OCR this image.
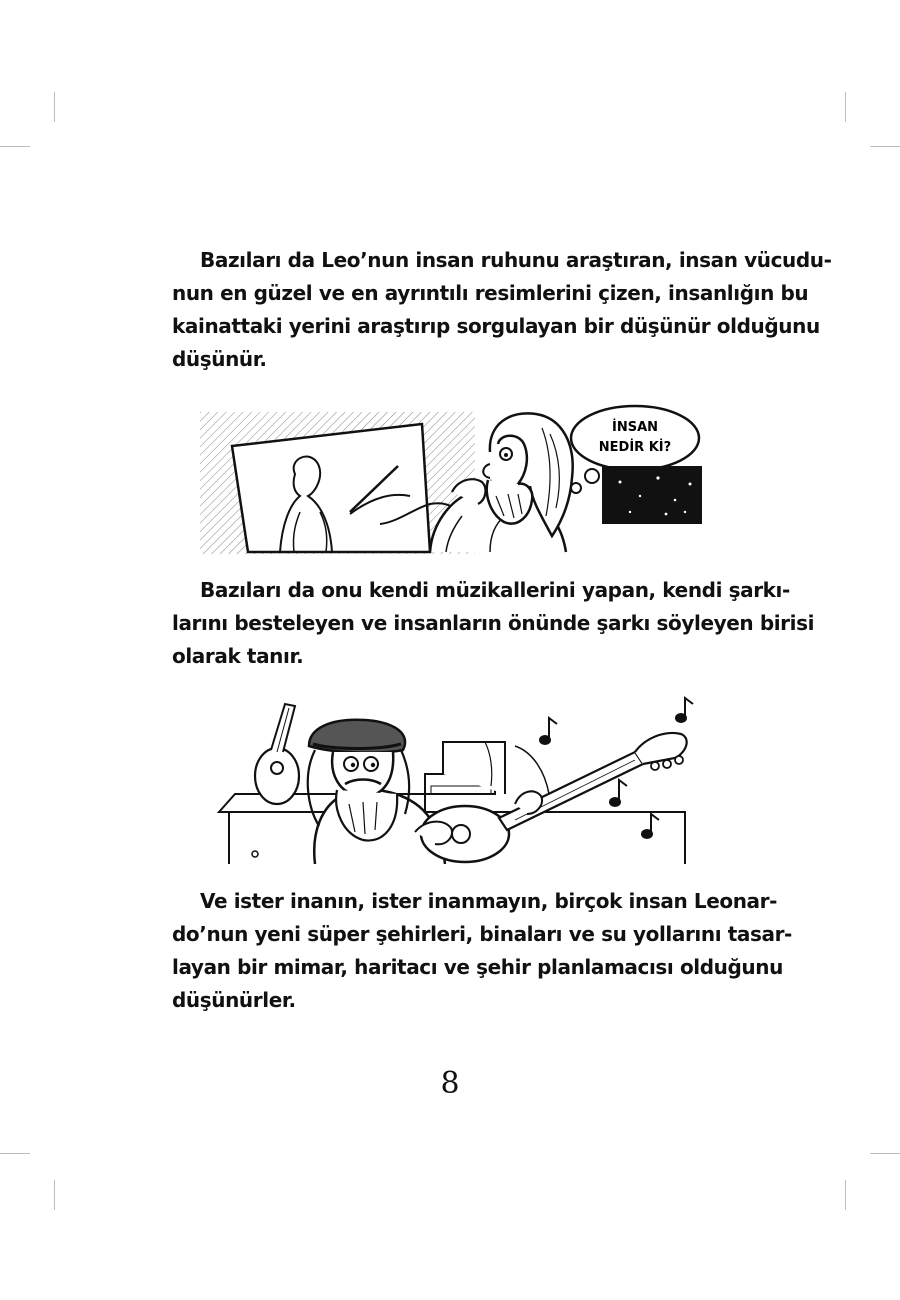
Bazıları da Leo’nun insan ruhunu araştıran, insan vücudu-
nun en güzel ve en ayrıntılı resimlerini çizen, insanlığın bu
kainattaki yerini araştırıp sorgulayan bir düşünür olduğunu
düşünür.

İNSAN
NEDİR Kİ?

Bazıları da onu kendi müzikallerini yapan, kendi şarkı-
larını besteleyen ve insanların önünde şarkı söyleyen birisi
olarak tanır.

Ve ister inanın, ister inanmayın, birçok insan Leonar-
do’nun yeni süper şehirleri, binaları ve su yollarını tasar-
layan bir mimar, haritacı ve şehir planlamacısı olduğunu
düşünürler.

8
